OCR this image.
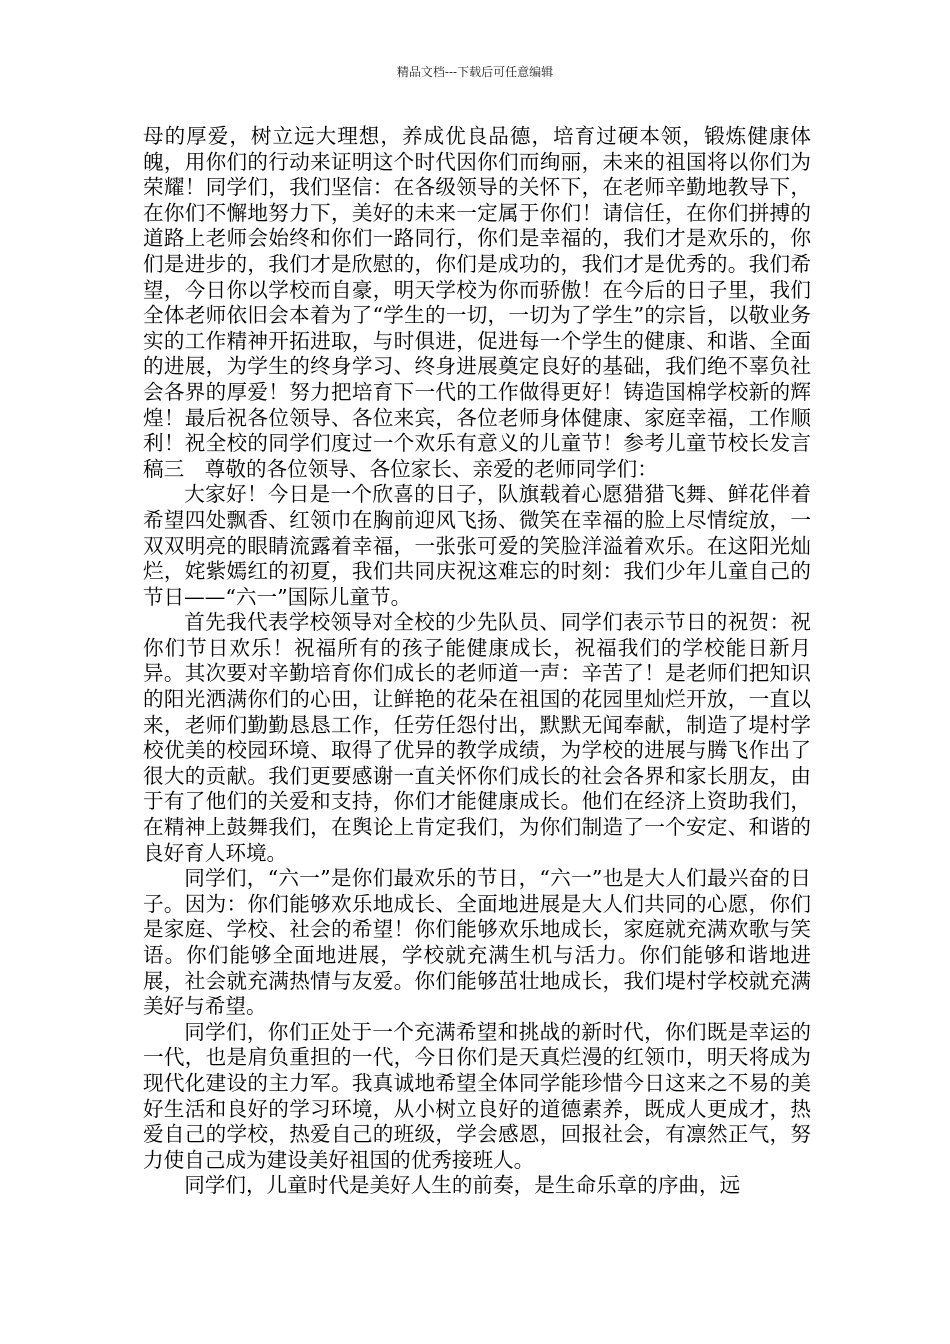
精品文档---下载后可任意编辑

母的厚爱，树立远大理想，养成优良品德，培育过硬本领，锻炼健康体魄，用你们的行动来证明这个时代因你们而绚丽，未来的祖国将以你们为荣耀！同学们，我们坚信：在各级领导的关怀下，在老师辛勤地教导下，在你们不懈地努力下，美好的未来一定属于你们！请信任，在你们拼搏的道路上老师会始终和你们一路同行，你们是幸福的，我们才是欢乐的，你们是进步的，我们才是欣慰的，你们是成功的，我们才是优秀的。我们希望，今日你以学校而自豪，明天学校为你而骄傲！在今后的日子里，我们全体老师依旧会本着为了“学生的一切，一切为了学生”的宗旨，以敬业务实的工作精神开拓进取，与时俱进，促进每一个学生的健康、和谐、全面的进展，为学生的终身学习、终身进展奠定良好的基础，我们绝不辜负社会各界的厚爱！努力把培育下一代的工作做得更好！铸造国棉学校新的辉煌！最后祝各位领导、各位来宾，各位老师身体健康、家庭幸福，工作顺利！祝全校的同学们度过一个欢乐有意义的儿童节！参考儿童节校长发言稿三　尊敬的各位领导、各位家长、亲爱的老师同学们：

大家好！今日是一个欣喜的日子，队旗载着心愿猎猎飞舞、鲜花伴着希望四处飘香、红领巾在胸前迎风飞扬、微笑在幸福的脸上尽情绽放，一双双明亮的眼睛流露着幸福，一张张可爱的笑脸洋溢着欢乐。在这阳光灿烂，姹紫嫣红的初夏，我们共同庆祝这难忘的时刻：我们少年儿童自己的节日——“六一”国际儿童节。

首先我代表学校领导对全校的少先队员、同学们表示节日的祝贺：祝你们节日欢乐！祝福所有的孩子能健康成长，祝福我们的学校能日新月异。其次要对辛勤培育你们成长的老师道一声：辛苦了！是老师们把知识的阳光洒满你们的心田，让鲜艳的花朵在祖国的花园里灿烂开放，一直以来，老师们勤勤恳恳工作，任劳任怨付出，默默无闻奉献，制造了堤村学校优美的校园环境、取得了优异的教学成绩，为学校的进展与腾飞作出了很大的贡献。我们更要感谢一直关怀你们成长的社会各界和家长朋友，由于有了他们的关爱和支持，你们才能健康成长。他们在经济上资助我们，在精神上鼓舞我们，在舆论上肯定我们，为你们制造了一个安定、和谐的良好育人环境。

同学们，“六一”是你们最欢乐的节日，“六一”也是大人们最兴奋的日子。因为：你们能够欢乐地成长、全面地进展是大人们共同的心愿，你们是家庭、学校、社会的希望！你们能够欢乐地成长，家庭就充满欢歌与笑语。你们能够全面地进展，学校就充满生机与活力。你们能够和谐地进展，社会就充满热情与友爱。你们能够茁壮地成长，我们堤村学校就充满美好与希望。

同学们，你们正处于一个充满希望和挑战的新时代，你们既是幸运的一代，也是肩负重担的一代，今日你们是天真烂漫的红领巾，明天将成为现代化建设的主力军。我真诚地希望全体同学能珍惜今日这来之不易的美好生活和良好的学习环境，从小树立良好的道德素养，既成人更成才，热爱自己的学校，热爱自己的班级，学会感恩，回报社会，有凛然正气，努力使自己成为建设美好祖国的优秀接班人。

同学们，儿童时代是美好人生的前奏，是生命乐章的序曲，远
